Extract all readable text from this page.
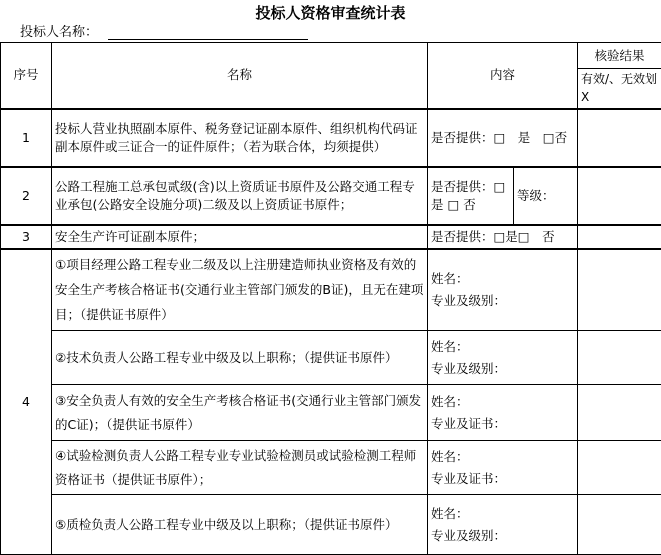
投标人资格审查统计表
投标人名称：
序号	名称	内容		核验结果
				有效/、无效划 X
1	投标人营业执照副本原件、税务登记证副本原件、组织机构代码证副本原件或三证合一的证件原件；（若为联合体，均须提供）	是否提供：□　是　□否		
2	公路工程施工总承包贰级(含)以上资质证书原件及公路交通工程专业承包(公路安全设施分项)二级及以上资质证书原件；	是否提供：□是 □ 否	等级：	
3	安全生产许可证副本原件；	是否提供：□是□　否		
4	①项目经理公路工程专业二级及以上注册建造师执业资格及有效的安全生产考核合格证书(交通行业主管部门颁发的B证)，且无在建项目；（提供证书原件）	姓名：
专业及级别：		
	②技术负责人公路工程专业中级及以上职称；（提供证书原件）	姓名：
专业及级别：		
	③安全负责人有效的安全生产考核合格证书(交通行业主管部门颁发的C证)；（提供证书原件）	姓名：
专业及证书：		
	④试验检测负责人公路工程专业专业试验检测员或试验检测工程师资格证书（提供证书原件）；	姓名：
专业及证书：		
	⑤质检负责人公路工程专业中级及以上职称；（提供证书原件）	姓名：
专业及级别：		
